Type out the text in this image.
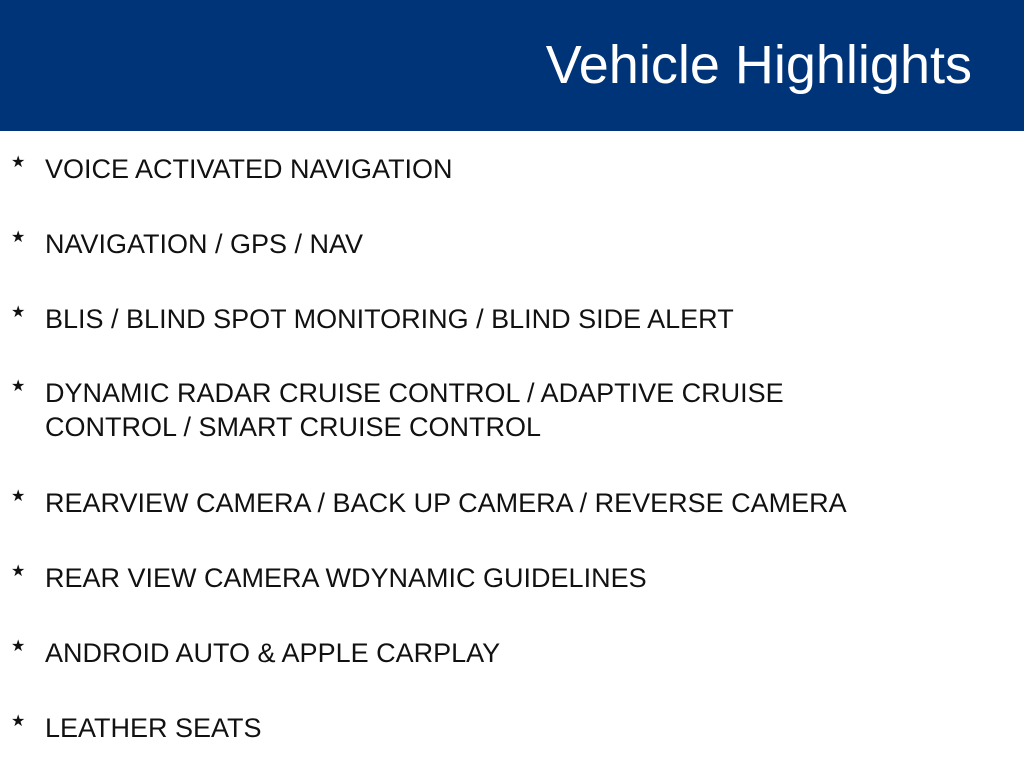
Vehicle Highlights
★ VOICE ACTIVATED NAVIGATION
★ NAVIGATION / GPS / NAV
★ BLIS / BLIND SPOT MONITORING / BLIND SIDE ALERT
★ DYNAMIC RADAR CRUISE CONTROL / ADAPTIVE CRUISE
CONTROL / SMART CRUISE CONTROL
★ REARVIEW CAMERA / BACK UP CAMERA / REVERSE CAMERA
★ REAR VIEW CAMERA WDYNAMIC GUIDELINES
★ ANDROID AUTO & APPLE CARPLAY
★ LEATHER SEATS
